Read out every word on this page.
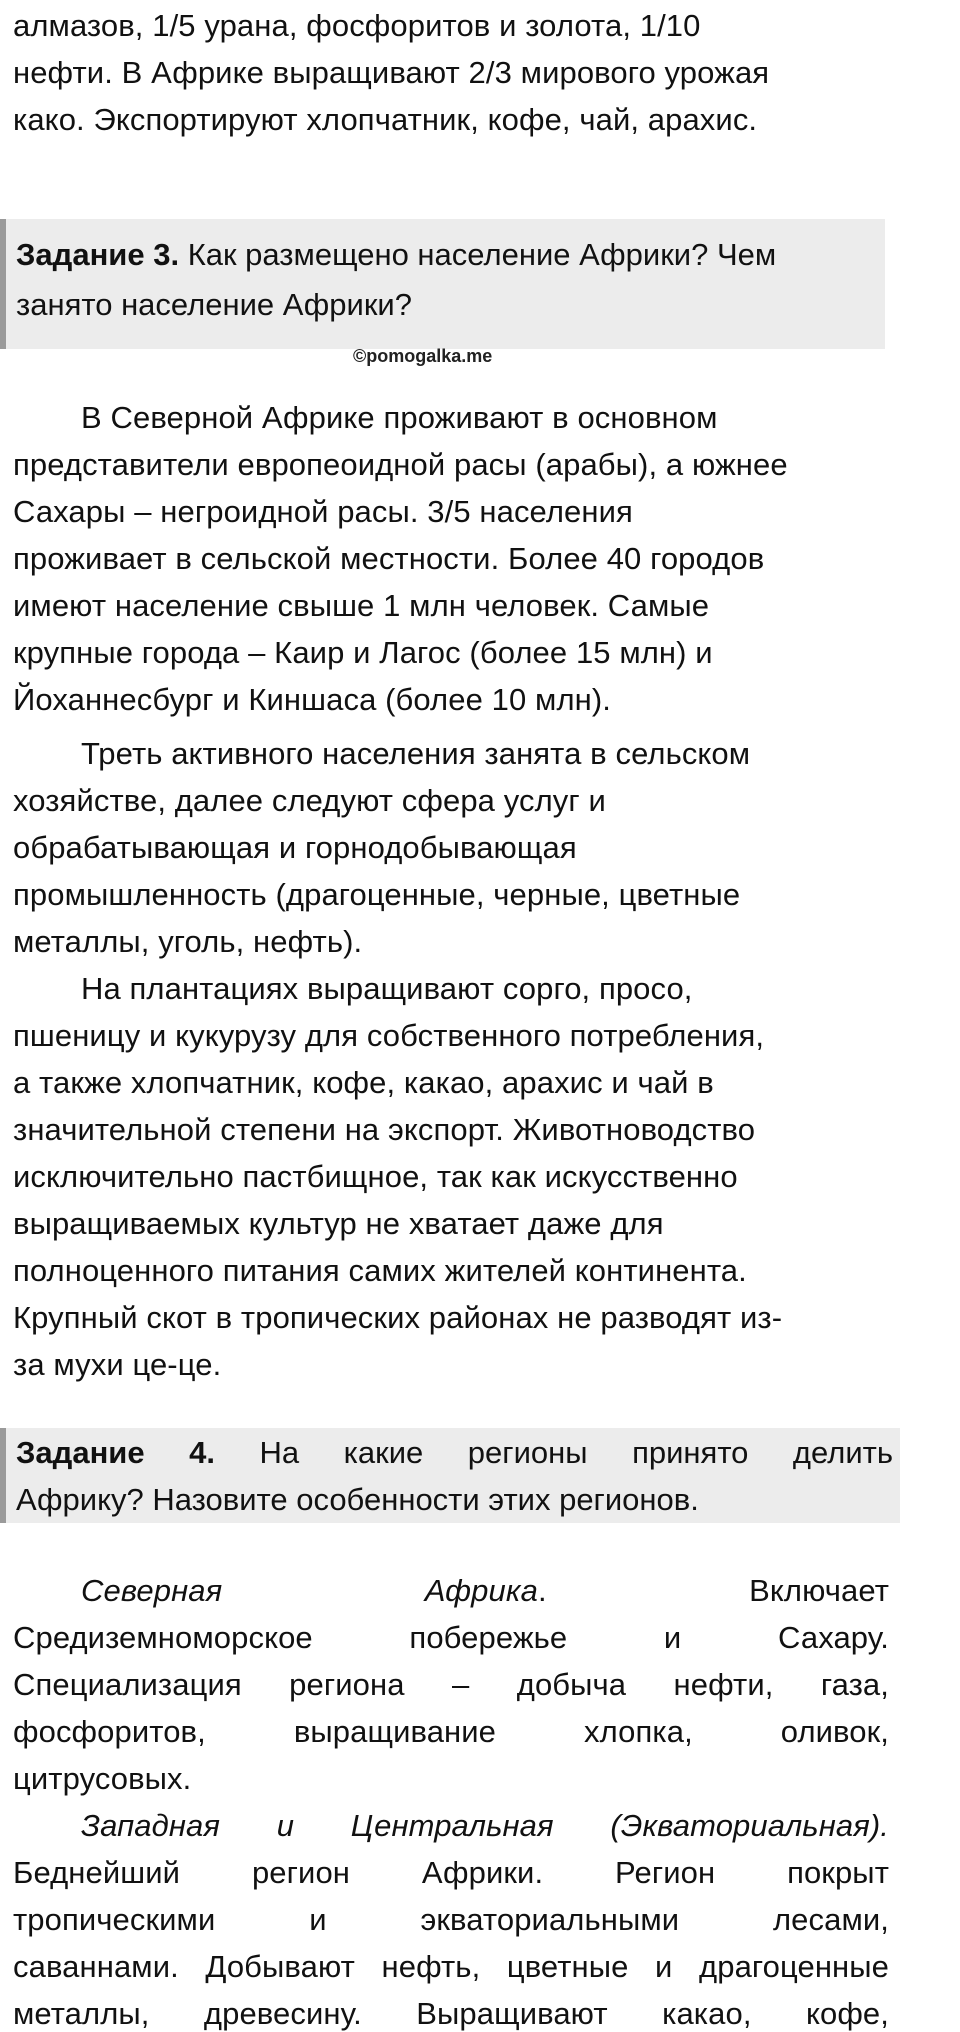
алмазов, 1/5 урана, фосфоритов и золота, 1/10
нефти. В Африке выращивают 2/3 мирового урожая
како. Экспортируют хлопчатник, кофе, чай, арахис.
Задание 3. Как размещено население Африки? Чем
занято население Африки?
©pomogalka.me
В Северной Африке проживают в основном
представители европеоидной расы (арабы), а южнее
Сахары – негроидной расы. 3/5 населения
проживает в сельской местности. Более 40 городов
имеют население свыше 1 млн человек. Самые
крупные города – Каир и Лагос (более 15 млн) и
Йоханнесбург и Киншаса (более 10 млн).
Треть активного населения занята в сельском
хозяйстве, далее следуют сфера услуг и
обрабатывающая и горнодобывающая
промышленность (драгоценные, черные, цветные
металлы, уголь, нефть).
На плантациях выращивают сорго, просо,
пшеницу и кукурузу для собственного потребления,
а также хлопчатник, кофе, какао, арахис и чай в
значительной степени на экспорт. Животноводство
исключительно пастбищное, так как искусственно
выращиваемых культур не хватает даже для
полноценного питания самих жителей континента.
Крупный скот в тропических районах не разводят из-
за мухи це-це.
Задание 4. На какие регионы принято делить
Африку? Назовите особенности этих регионов.
Северная Африка.	Включает
Средиземноморское побережье и Сахару.
Специализация региона – добыча нефти, газа,
фосфоритов, выращивание хлопка, оливок,
цитрусовых.
Западная и Центральная (Экваториальная).
Беднейший регион Африки. Регион покрыт
тропическими и экваториальными лесами,
саваннами. Добывают нефть, цветные и драгоценные
металлы, древесину. Выращивают какао, кофе,
